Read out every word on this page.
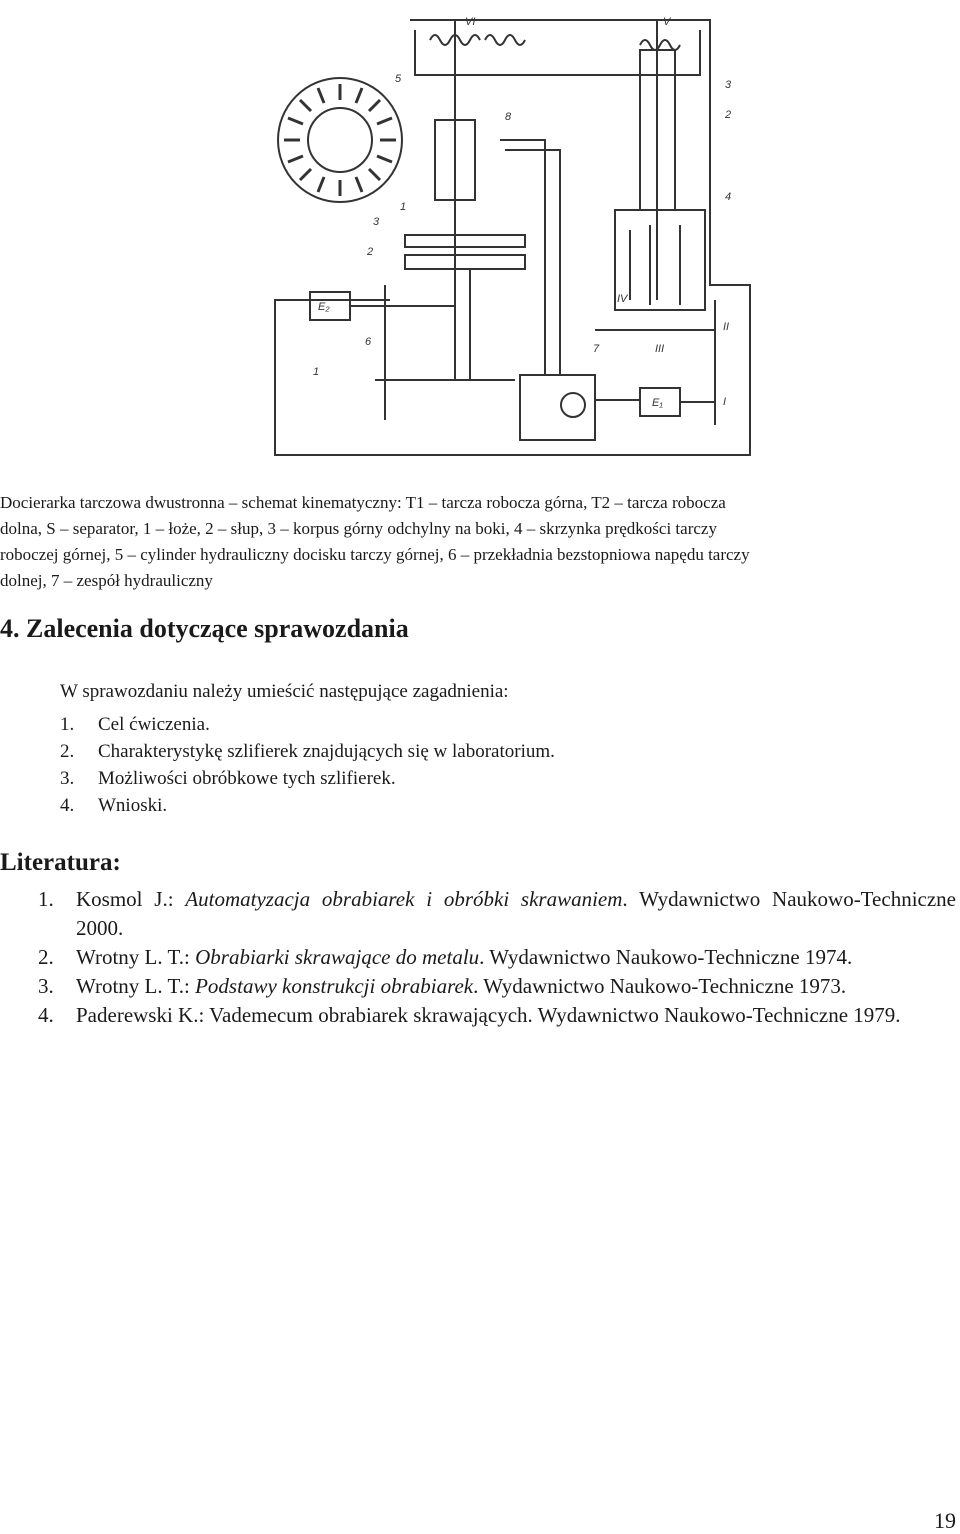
5
2
3
1
1
6
7
8
3
2
4
E₂
E₁
VI	V
I
II
III
IV
Docierarka tarczowa dwustronna – schemat kinematyczny: T1 – tarcza robocza górna, T2 – tarcza robocza
dolna, S – separator, 1 – łoże, 2 – słup, 3 – korpus górny odchylny na boki, 4 – skrzynka prędkości tarczy
roboczej górnej, 5 – cylinder hydrauliczny docisku tarczy górnej, 6 – przekładnia bezstopniowa napędu tarczy
dolnej, 7 – zespół hydrauliczny
4. Zalecenia dotyczące sprawozdania
W sprawozdaniu należy umieścić następujące zagadnienia:
1.	Cel ćwiczenia.
2.	Charakterystykę szlifierek znajdujących się w laboratorium.
3.	Możliwości obróbkowe tych szlifierek.
4.	Wnioski.
Literatura:
1.	Kosmol J.: Automatyzacja obrabiarek i obróbki skrawaniem. Wydawnictwo Naukowo-Techniczne 2000.
2.	Wrotny L. T.: Obrabiarki skrawające do metalu. Wydawnictwo Naukowo-Techniczne 1974.
3.	Wrotny L. T.: Podstawy konstrukcji obrabiarek. Wydawnictwo Naukowo-Techniczne 1973.
4.	Paderewski K.: Vademecum obrabiarek skrawających. Wydawnictwo Naukowo-Techniczne 1979.
19
